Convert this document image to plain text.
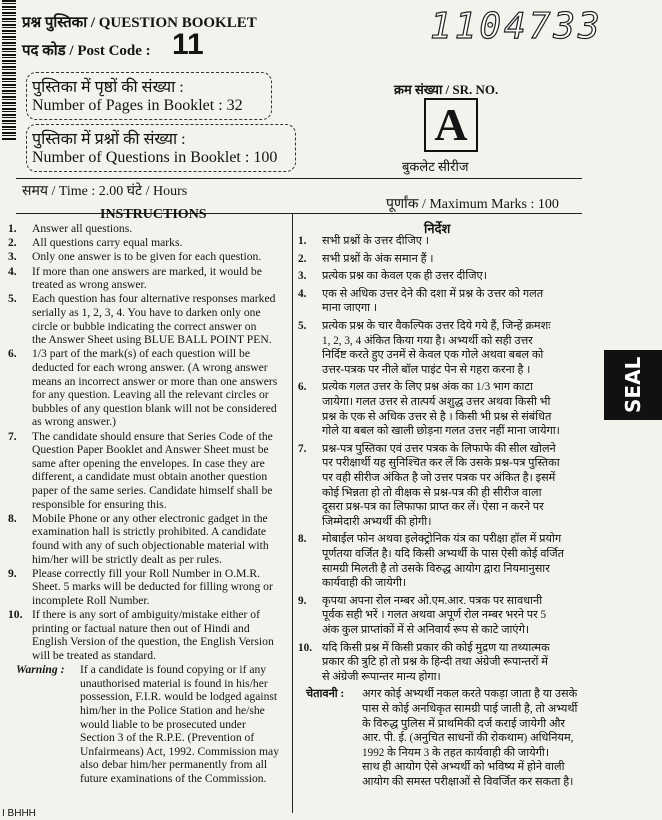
प्रश्न पुस्तिका / QUESTION BOOKLET
पद कोड / Post Code : 11	1104733
पुस्तिका में पृष्ठों की संख्या :
Number of Pages in Booklet : 32
पुस्तिका में प्रश्नों की संख्या :
Number of Questions in Booklet : 100
क्रम संख्या / SR. NO.
A
बुकलेट सीरीज
समय / Time : 2.00 घंटे / Hours
पूर्णांक / Maximum Marks : 100
INSTRUCTIONS
1. Answer all questions.
2. All questions carry equal marks.
3. Only one answer is to be given for each question.
4. If more than one answers are marked, it would be
treated as wrong answer.
5. Each question has four alternative responses marked
serially as 1, 2, 3, 4. You have to darken only one
circle or bubble indicating the correct answer on
the Answer Sheet using BLUE BALL POINT PEN.
6. 1/3 part of the mark(s) of each question will be
deducted for each wrong answer. (A wrong answer
means an incorrect answer or more than one answers
for any question. Leaving all the relevant circles or
bubbles of any question blank will not be considered
as wrong answer.)
7. The candidate should ensure that Series Code of the
Question Paper Booklet and Answer Sheet must be
same after opening the envelopes. In case they are
different, a candidate must obtain another question
paper of the same series. Candidate himself shall be
responsible for ensuring this.
8. Mobile Phone or any other electronic gadget in the
examination hall is strictly prohibited. A candidate
found with any of such objectionable material with
him/her will be strictly dealt as per rules.
9. Please correctly fill your Roll Number in O.M.R.
Sheet. 5 marks will be deducted for filling wrong or
incomplete Roll Number.
10. If there is any sort of ambiguity/mistake either of
printing or factual nature then out of Hindi and
English Version of the question, the English Version
will be treated as standard.
Warning : If a candidate is found copying or if any
unauthorised material is found in his/her
possession, F.I.R. would be lodged against
him/her in the Police Station and he/she
would liable to be prosecuted under
Section 3 of the R.P.E. (Prevention of
Unfairmeans) Act, 1992. Commission may
also debar him/her permanently from all
future examinations of the Commission.
निर्देश
1. सभी प्रश्नों के उत्तर दीजिए ।
2. सभी प्रश्नों के अंक समान हैं ।
3. प्रत्येक प्रश्न का केवल एक ही उत्तर दीजिए।
4. एक से अधिक उत्तर देने की दशा में प्रश्न के उत्तर को गलत
माना जाएगा ।
5. प्रत्येक प्रश्न के चार वैकल्पिक उत्तर दिये गये हैं, जिन्हें क्रमशः
1, 2, 3, 4 अंकित किया गया है। अभ्यर्थी को सही उत्तर
निर्दिष्ट करते हुए उनमें से केवल एक गोले अथवा बबल को
उत्तर-पत्रक पर नीले बॉल पाइंट पेन से गहरा करना है ।
6. प्रत्येक गलत उत्तर के लिए प्रश्न अंक का 1/3 भाग काटा
जायेगा। गलत उत्तर से तात्पर्य अशुद्ध उत्तर अथवा किसी भी
प्रश्न के एक से अधिक उत्तर से है । किसी भी प्रश्न से संबंधित
गोले या बबल को खाली छोड़ना गलत उत्तर नहीं माना जायेगा।
7. प्रश्न-पत्र पुस्तिका एवं उत्तर पत्रक के लिफाफे की सील खोलने
पर परीक्षार्थी यह सुनिश्चित कर लें कि उसके प्रश्न-पत्र पुस्तिका
पर वही सीरीज अंकित है जो उत्तर पत्रक पर अंकित है। इसमें
कोई भिन्नता हो तो वीक्षक से प्रश्न-पत्र की ही सीरीज वाला
दूसरा प्रश्न-पत्र का लिफाफा प्राप्त कर लें। ऐसा न करने पर
जिम्मेदारी अभ्यर्थी की होगी।
8. मोबाईल फोन अथवा इलेक्ट्रोनिक यंत्र का परीक्षा हॉल में प्रयोग
पूर्णतया वर्जित है। यदि किसी अभ्यर्थी के पास ऐसी कोई वर्जित
सामग्री मिलती है तो उसके विरुद्ध आयोग द्वारा नियमानुसार
कार्यवाही की जायेगी।
9. कृपया अपना रोल नम्बर ओ.एम.आर. पत्रक पर सावधानी
पूर्वक सही भरें । गलत अथवा अपूर्ण रोल नम्बर भरने पर 5
अंक कुल प्राप्तांकों में से अनिवार्य रूप से काटे जाएंगे।
10. यदि किसी प्रश्न में किसी प्रकार की कोई मुद्रण या तथ्यात्मक
प्रकार की त्रुटि हो तो प्रश्न के हिन्दी तथा अंग्रेजी रूपान्तरों में
से अंग्रेजी रूपान्तर मान्य होगा।
चेतावनी : अगर कोई अभ्यर्थी नकल करते पकड़ा जाता है या उसके
पास से कोई अनधिकृत सामग्री पाई जाती है, तो अभ्यर्थी
के विरुद्ध पुलिस में प्राथमिकी दर्ज कराई जायेगी और
आर. पी. ई. (अनुचित साधनों की रोकथाम) अधिनियम,
1992 के नियम 3 के तहत कार्यवाही की जायेगी।
साथ ही आयोग ऐसे अभ्यर्थी को भविष्य में होने वाली
आयोग की समस्त परीक्षाओं से विवर्जित कर सकता है।
SEAL
I BHHH
